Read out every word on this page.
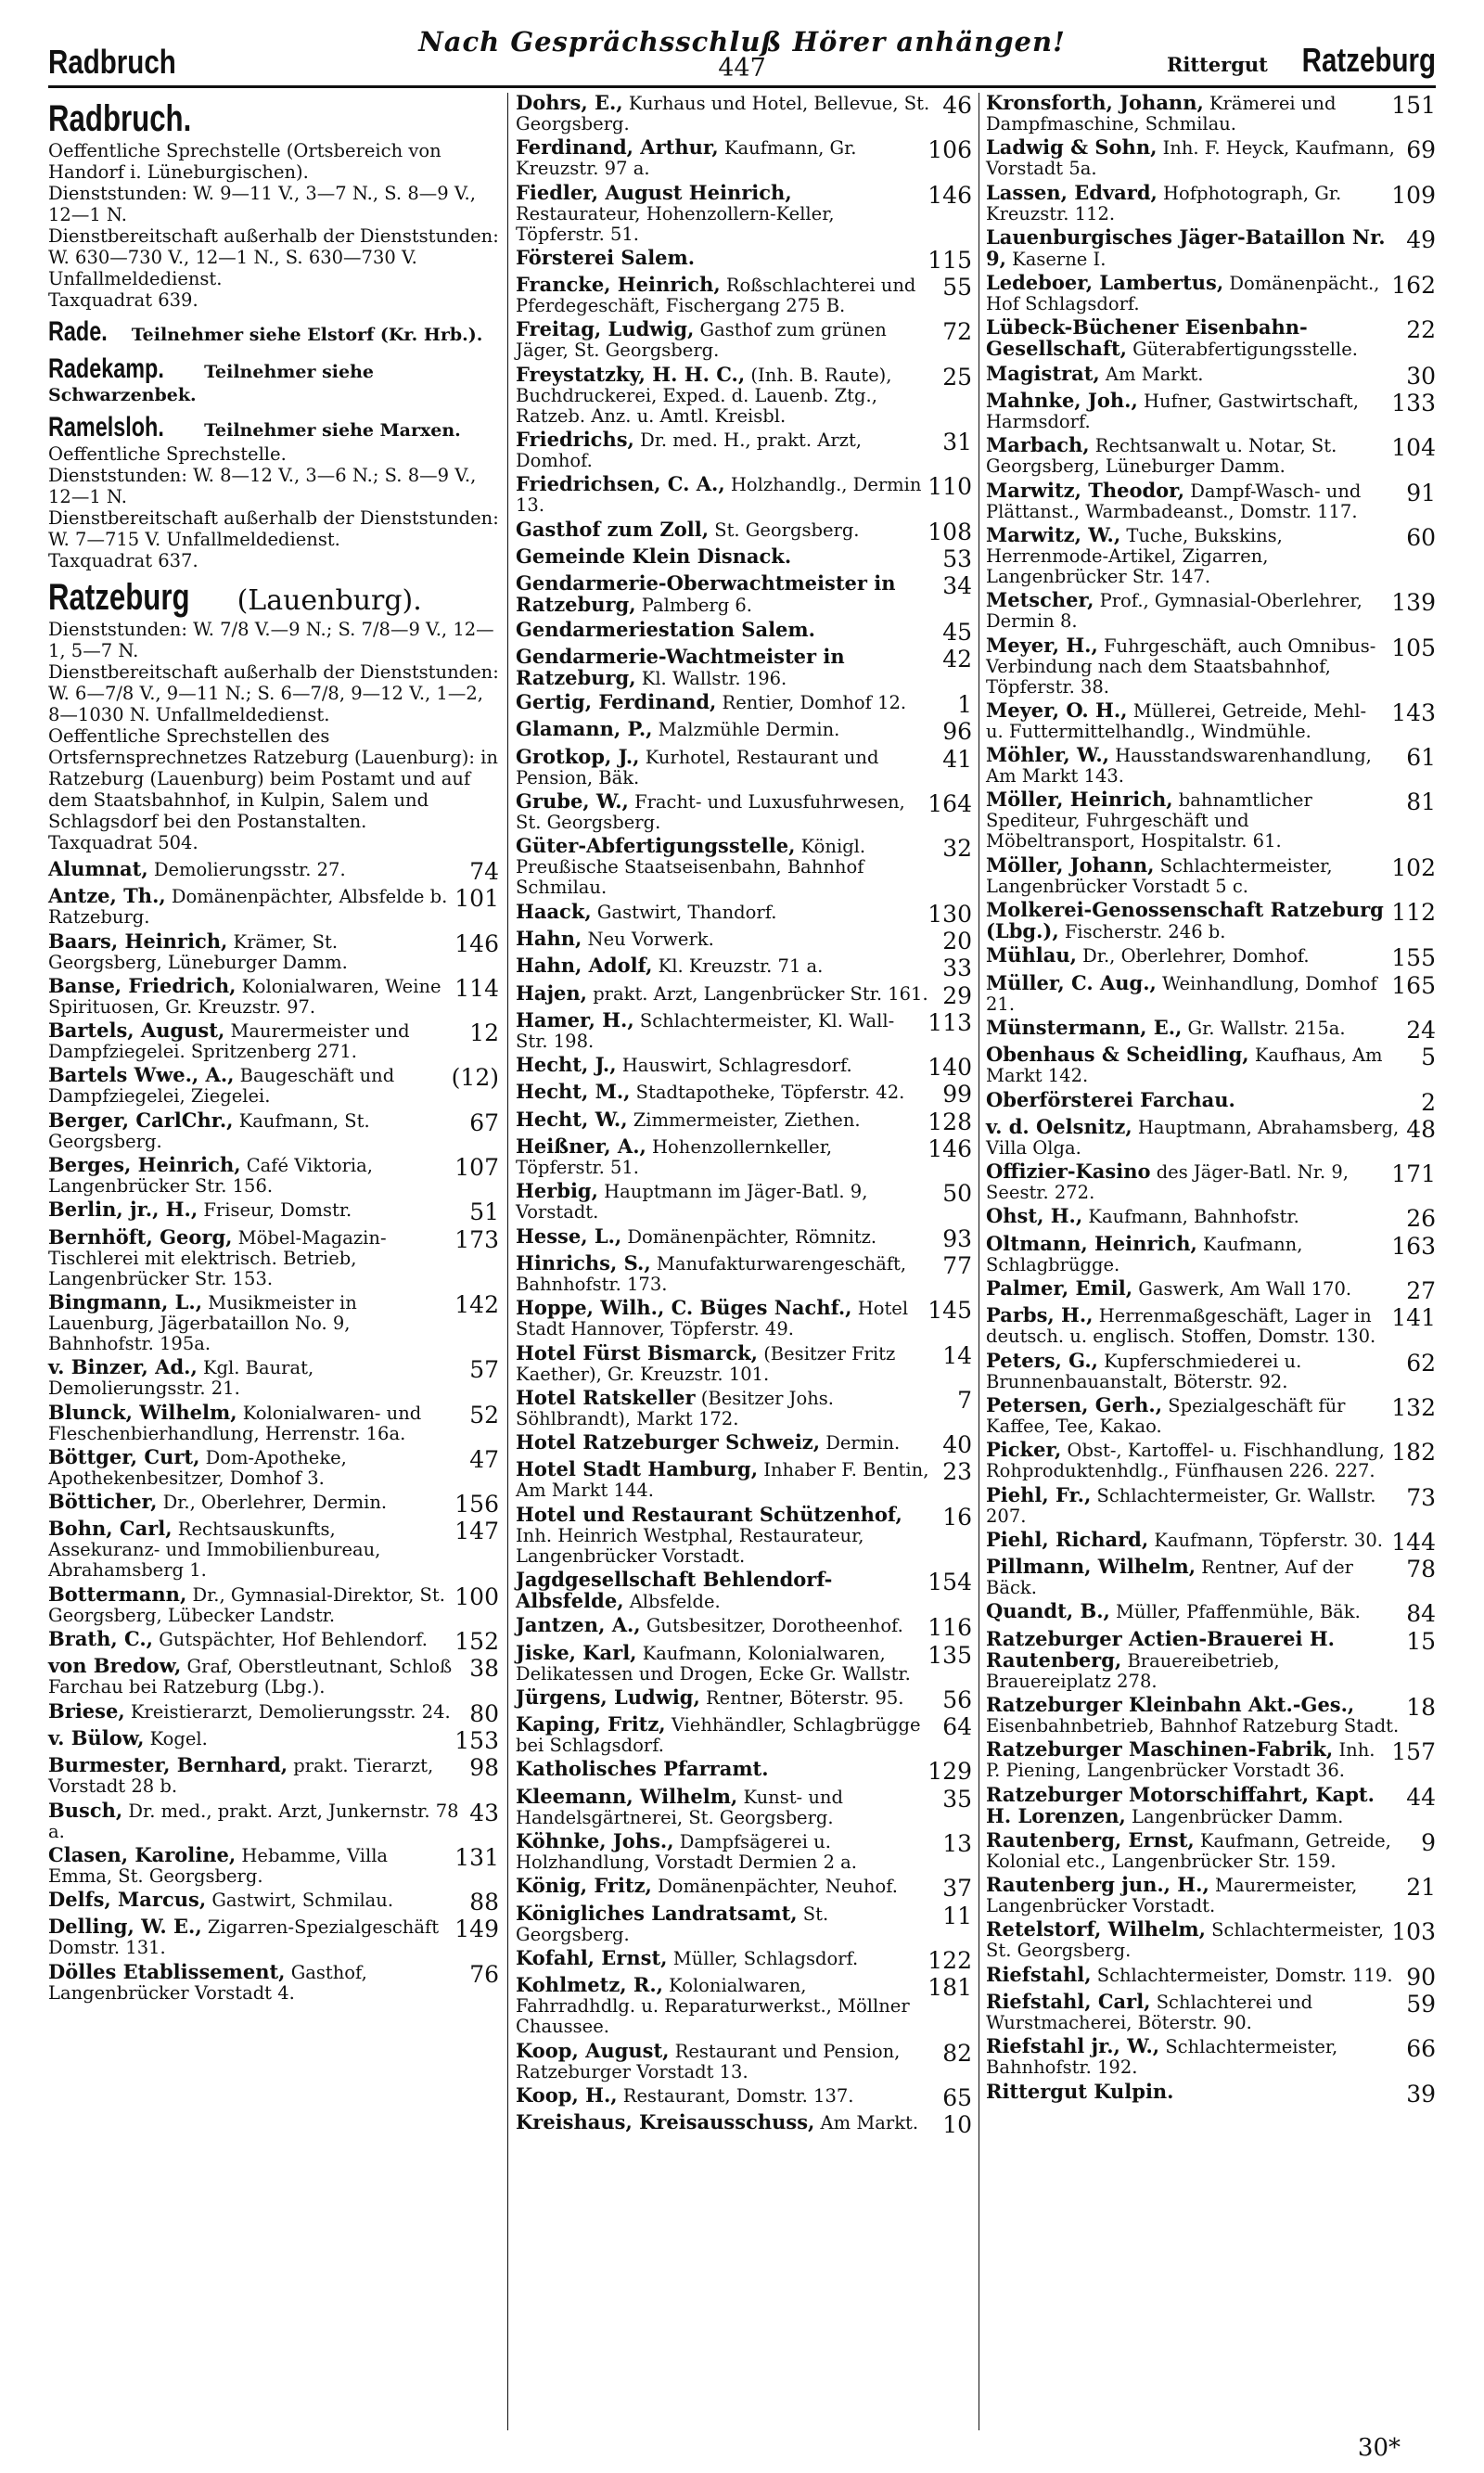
Radbruch
Nach Gesprächsschluß Hörer anhängen!
447	Rittergut Ratzeburg
Radbruch.

Oeffentliche Sprechstelle (Ortsbereich von Handorf i. Lüneburgischen).

Dienststunden: W. 9—11 V., 3—7 N., S. 8—9 V., 12—1 N.

Dienstbereitschaft außerhalb der Dienststunden: W. 630—730 V., 12—1 N., S. 630—730 V.

Unfallmeldedienst.

Taxquadrat 639.

Rade. Teilnehmer siehe Elstorf (Kr. Hrb.).

Radekamp. Teilnehmer siehe Schwarzenbek.

Ramelsloh. Teilnehmer siehe Marxen.

Oeffentliche Sprechstelle.

Dienststunden: W. 8—12 V., 3—6 N.; S. 8—9 V., 12—1 N.

Dienstbereitschaft außerhalb der Dienststunden: W. 7—715 V. Unfallmeldedienst.

Taxquadrat 637.

Ratzeburg (Lauenburg).

Dienststunden: W. 7/8 V.—9 N.; S. 7/8—9 V., 12—1, 5—7 N.

Dienstbereitschaft außerhalb der Dienststunden: W. 6—7/8 V., 9—11 N.; S. 6—7/8, 9—12 V., 1—2, 8—1030 N. Unfallmeldedienst.

Oeffentliche Sprechstellen des Ortsfernsprechnetzes Ratzeburg (Lauenburg): in Ratzeburg (Lauenburg) beim Postamt und auf dem Staatsbahnhof, in Kulpin, Salem und Schlagsdorf bei den Postanstalten.

Taxquadrat 504.

74
Alumnat, Demolierungsstr. 27.
101
Antze, Th., Domänenpächter, Albsfelde b. Ratzeburg.
146
Baars, Heinrich, Krämer, St. Georgsberg, Lüneburger Damm.
114
Banse, Friedrich, Kolonialwaren, Weine Spirituosen, Gr. Kreuzstr. 97.
12
Bartels, August, Maurermeister und Dampfziegelei. Spritzenberg 271.
(12)
Bartels Wwe., A., Baugeschäft und Dampfziegelei, Ziegelei.
67
Berger, CarlChr., Kaufmann, St. Georgsberg.
107
Berges, Heinrich, Café Viktoria, Langenbrücker Str. 156.
51
Berlin, jr., H., Friseur, Domstr.
173
Bernhöft, Georg, Möbel-Magazin-Tischlerei mit elektrisch. Betrieb, Langenbrücker Str. 153.
142
Bingmann, L., Musikmeister in Lauenburg, Jägerbataillon No. 9, Bahnhofstr. 195a.
57
v. Binzer, Ad., Kgl. Baurat, Demolierungsstr. 21.
52
Blunck, Wilhelm, Kolonialwaren- und Fleschenbierhandlung, Herrenstr. 16a.
47
Böttger, Curt, Dom-Apotheke, Apothekenbesitzer, Domhof 3.
156
Bötticher, Dr., Oberlehrer, Dermin.
147
Bohn, Carl, Rechtsauskunfts, Assekuranz- und Immobilienbureau, Abrahamsberg 1.
100
Bottermann, Dr., Gymnasial-Direktor, St. Georgsberg, Lübecker Landstr.
152
Brath, C., Gutspächter, Hof Behlendorf.
38
von Bredow, Graf, Oberstleutnant, Schloß Farchau bei Ratzeburg (Lbg.).
80
Briese, Kreistierarzt, Demolierungsstr. 24.
153
v. Bülow, Kogel.
98
Burmester, Bernhard, prakt. Tierarzt, Vorstadt 28 b.
43
Busch, Dr. med., prakt. Arzt, Junkernstr. 78 a.
131
Clasen, Karoline, Hebamme, Villa Emma, St. Georgsberg.
88
Delfs, Marcus, Gastwirt, Schmilau.
149
Delling, W. E., Zigarren-Spezialgeschäft Domstr. 131.
76
Dölles Etablissement, Gasthof, Langenbrücker Vorstadt 4.
46
Dohrs, E., Kurhaus und Hotel, Bellevue, St. Georgsberg.
106
Ferdinand, Arthur, Kaufmann, Gr. Kreuzstr. 97 a.
146
Fiedler, August Heinrich, Restaurateur, Hohenzollern-Keller, Töpferstr. 51.
115
Försterei Salem.
55
Francke, Heinrich, Roßschlachterei und Pferdegeschäft, Fischergang 275 B.
72
Freitag, Ludwig, Gasthof zum grünen Jäger, St. Georgsberg.
25
Freystatzky, H. H. C., (Inh. B. Raute), Buchdruckerei, Exped. d. Lauenb. Ztg., Ratzeb. Anz. u. Amtl. Kreisbl.
31
Friedrichs, Dr. med. H., prakt. Arzt, Domhof.
110
Friedrichsen, C. A., Holzhandlg., Dermin 13.
108
Gasthof zum Zoll, St. Georgsberg.
53
Gemeinde Klein Disnack.
34
Gendarmerie-Oberwachtmeister in Ratzeburg, Palmberg 6.
45
Gendarmeriestation Salem.
42
Gendarmerie-Wachtmeister in Ratzeburg, Kl. Wallstr. 196.
1
Gertig, Ferdinand, Rentier, Domhof 12.
96
Glamann, P., Malzmühle Dermin.
41
Grotkop, J., Kurhotel, Restaurant und Pension, Bäk.
164
Grube, W., Fracht- und Luxusfuhrwesen, St. Georgsberg.
32
Güter-Abfertigungsstelle, Königl. Preußische Staatseisenbahn, Bahnhof Schmilau.
130
Haack, Gastwirt, Thandorf.
20
Hahn, Neu Vorwerk.
33
Hahn, Adolf, Kl. Kreuzstr. 71 a.
29
Hajen, prakt. Arzt, Langenbrücker Str. 161.
113
Hamer, H., Schlachtermeister, Kl. Wall-Str. 198.
140
Hecht, J., Hauswirt, Schlagresdorf.
99
Hecht, M., Stadtapotheke, Töpferstr. 42.
128
Hecht, W., Zimmermeister, Ziethen.
146
Heißner, A., Hohenzollernkeller, Töpferstr. 51.
50
Herbig, Hauptmann im Jäger-Batl. 9, Vorstadt.
93
Hesse, L., Domänenpächter, Römnitz.
77
Hinrichs, S., Manufakturwarengeschäft, Bahnhofstr. 173.
145
Hoppe, Wilh., C. Büges Nachf., Hotel Stadt Hannover, Töpferstr. 49.
14
Hotel Fürst Bismarck, (Besitzer Fritz Kaether), Gr. Kreuzstr. 101.
7
Hotel Ratskeller (Besitzer Johs. Söhlbrandt), Markt 172.
40
Hotel Ratzeburger Schweiz, Dermin.
23
Hotel Stadt Hamburg, Inhaber F. Bentin, Am Markt 144.
16
Hotel und Restaurant Schützenhof, Inh. Heinrich Westphal, Restaurateur, Langenbrücker Vorstadt.
154
Jagdgesellschaft Behlendorf-Albsfelde, Albsfelde.
116
Jantzen, A., Gutsbesitzer, Dorotheenhof.
135
Jiske, Karl, Kaufmann, Kolonialwaren, Delikatessen und Drogen, Ecke Gr. Wallstr.
56
Jürgens, Ludwig, Rentner, Böterstr. 95.
64
Kaping, Fritz, Viehhändler, Schlagbrügge bei Schlagsdorf.
129
Katholisches Pfarramt.
35
Kleemann, Wilhelm, Kunst- und Handelsgärtnerei, St. Georgsberg.
13
Köhnke, Johs., Dampfsägerei u. Holzhandlung, Vorstadt Dermien 2 a.
37
König, Fritz, Domänenpächter, Neuhof.
11
Königliches Landratsamt, St. Georgsberg.
122
Kofahl, Ernst, Müller, Schlagsdorf.
181
Kohlmetz, R., Kolonialwaren, Fahrradhdlg. u. Reparaturwerkst., Möllner Chaussee.
82
Koop, August, Restaurant und Pension, Ratzeburger Vorstadt 13.
65
Koop, H., Restaurant, Domstr. 137.
10
Kreishaus, Kreisausschuss, Am Markt.
151
Kronsforth, Johann, Krämerei und Dampfmaschine, Schmilau.
69
Ladwig & Sohn, Inh. F. Heyck, Kaufmann, Vorstadt 5a.
109
Lassen, Edvard, Hofphotograph, Gr. Kreuzstr. 112.
49
Lauenburgisches Jäger-Bataillon Nr. 9, Kaserne I.
162
Ledeboer, Lambertus, Domänenpächt., Hof Schlagsdorf.
22
Lübeck-Büchener Eisenbahn-Gesellschaft, Güterabfertigungsstelle.
30
Magistrat, Am Markt.
133
Mahnke, Joh., Hufner, Gastwirtschaft, Harmsdorf.
104
Marbach, Rechtsanwalt u. Notar, St. Georgsberg, Lüneburger Damm.
91
Marwitz, Theodor, Dampf-Wasch- und Plättanst., Warmbadeanst., Domstr. 117.
60
Marwitz, W., Tuche, Bukskins, Herrenmode-Artikel, Zigarren, Langenbrücker Str. 147.
139
Metscher, Prof., Gymnasial-Oberlehrer, Dermin 8.
105
Meyer, H., Fuhrgeschäft, auch Omnibus-Verbindung nach dem Staatsbahnhof, Töpferstr. 38.
143
Meyer, O. H., Müllerei, Getreide, Mehl- u. Futtermittelhandlg., Windmühle.
61
Möhler, W., Hausstandswarenhandlung, Am Markt 143.
81
Möller, Heinrich, bahnamtlicher Spediteur, Fuhrgeschäft und Möbeltransport, Hospitalstr. 61.
102
Möller, Johann, Schlachtermeister, Langenbrücker Vorstadt 5 c.
112
Molkerei-Genossenschaft Ratzeburg (Lbg.), Fischerstr. 246 b.
155
Mühlau, Dr., Oberlehrer, Domhof.
165
Müller, C. Aug., Weinhandlung, Domhof 21.
24
Münstermann, E., Gr. Wallstr. 215a.
5
Obenhaus & Scheidling, Kaufhaus, Am Markt 142.
2
Oberförsterei Farchau.
48
v. d. Oelsnitz, Hauptmann, Abrahamsberg, Villa Olga.
171
Offizier-Kasino des Jäger-Batl. Nr. 9, Seestr. 272.
26
Ohst, H., Kaufmann, Bahnhofstr.
163
Oltmann, Heinrich, Kaufmann, Schlagbrügge.
27
Palmer, Emil, Gaswerk, Am Wall 170.
141
Parbs, H., Herrenmaßgeschäft, Lager in deutsch. u. englisch. Stoffen, Domstr. 130.
62
Peters, G., Kupferschmiederei u. Brunnenbauanstalt, Böterstr. 92.
132
Petersen, Gerh., Spezialgeschäft für Kaffee, Tee, Kakao.
182
Picker, Obst-, Kartoffel- u. Fischhandlung, Rohproduktenhdlg., Fünfhausen 226. 227.
73
Piehl, Fr., Schlachtermeister, Gr. Wallstr. 207.
144
Piehl, Richard, Kaufmann, Töpferstr. 30.
78
Pillmann, Wilhelm, Rentner, Auf der Bäck.
84
Quandt, B., Müller, Pfaffenmühle, Bäk.
15
Ratzeburger Actien-Brauerei H. Rautenberg, Brauereibetrieb, Brauereiplatz 278.
18
Ratzeburger Kleinbahn Akt.-Ges., Eisenbahnbetrieb, Bahnhof Ratzeburg Stadt.
157
Ratzeburger Maschinen-Fabrik, Inh. P. Piening, Langenbrücker Vorstadt 36.
44
Ratzeburger Motorschiffahrt, Kapt. H. Lorenzen, Langenbrücker Damm.
9
Rautenberg, Ernst, Kaufmann, Getreide, Kolonial etc., Langenbrücker Str. 159.
21
Rautenberg jun., H., Maurermeister, Langenbrücker Vorstadt.
103
Retelstorf, Wilhelm, Schlachtermeister, St. Georgsberg.
90
Riefstahl, Schlachtermeister, Domstr. 119.
59
Riefstahl, Carl, Schlachterei und Wurstmacherei, Böterstr. 90.
66
Riefstahl jr., W., Schlachtermeister, Bahnhofstr. 192.
39
Rittergut Kulpin.
30*
